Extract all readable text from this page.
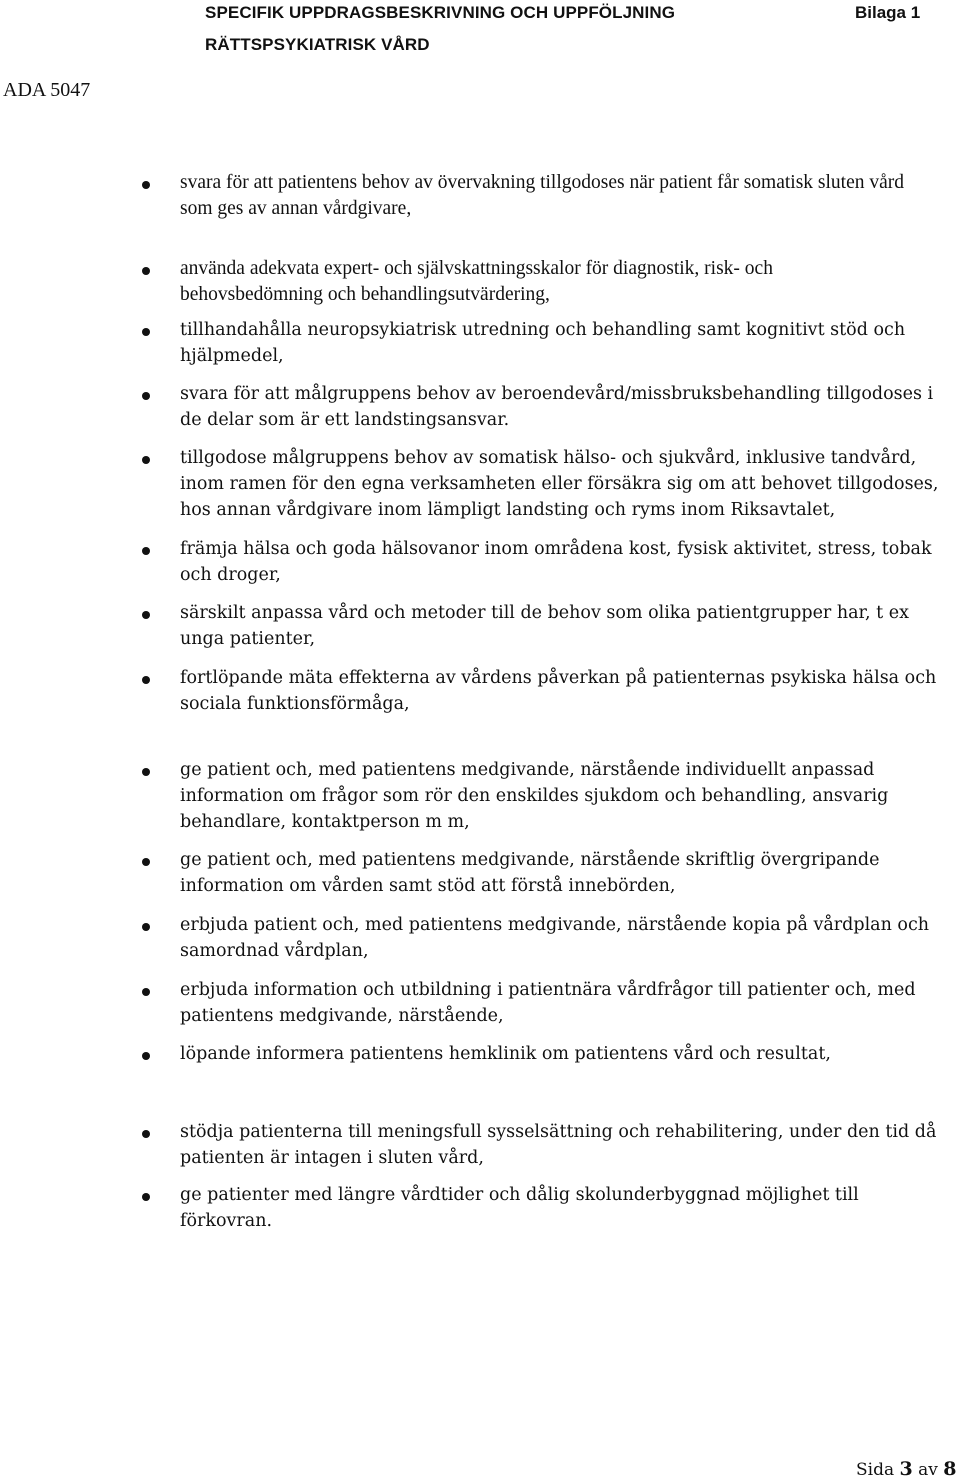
SPECIFIK UPPDRAGSBESKRIVNING OCH UPPFÖLJNING
RÄTTSPSYKIATRISK VÅRD
Bilaga 1
ADA 5047
svara för att patientens behov av övervakning tillgodoses när patient får somatisk sluten vård som ges av annan vårdgivare,
använda adekvata expert- och självskattningsskalor för diagnostik, risk- och behovsbedömning och behandlingsutvärdering,
tillhandahålla neuropsykiatrisk utredning och behandling samt kognitivt stöd och hjälpmedel,
svara för att målgruppens behov av beroendevård/missbruksbehandling tillgodoses i de delar som är ett landstingsansvar.
tillgodose målgruppens behov av somatisk hälso- och sjukvård, inklusive tandvård, inom ramen för den egna verksamheten eller försäkra sig om att behovet tillgodoses, hos annan vårdgivare inom lämpligt landsting och ryms inom Riksavtalet,
främja hälsa och goda hälsovanor inom områdena kost, fysisk aktivitet, stress, tobak och droger,
särskilt anpassa vård och metoder till de behov som olika patientgrupper har, t ex unga patienter,
fortlöpande mäta effekterna av vårdens påverkan på patienternas psykiska hälsa och sociala funktionsförmåga,
ge patient och, med patientens medgivande, närstående individuellt anpassad information om frågor som rör den enskildes sjukdom och behandling, ansvarig behandlare, kontaktperson m m,
ge patient och, med patientens medgivande, närstående skriftlig övergripande information om vården samt stöd att förstå innebörden,
erbjuda patient och, med patientens medgivande, närstående kopia på vårdplan och samordnad vårdplan,
erbjuda information och utbildning i patientnära vårdfrågor till patienter och, med patientens medgivande, närstående,
löpande informera patientens hemklinik om patientens vård och resultat,
stödja patienterna till meningsfull sysselsättning och rehabilitering, under den tid då patienten är intagen i sluten vård,
ge patienter med längre vårdtider och dålig skolunderbyggnad möjlighet till förkovran.
Sida 3 av 8
